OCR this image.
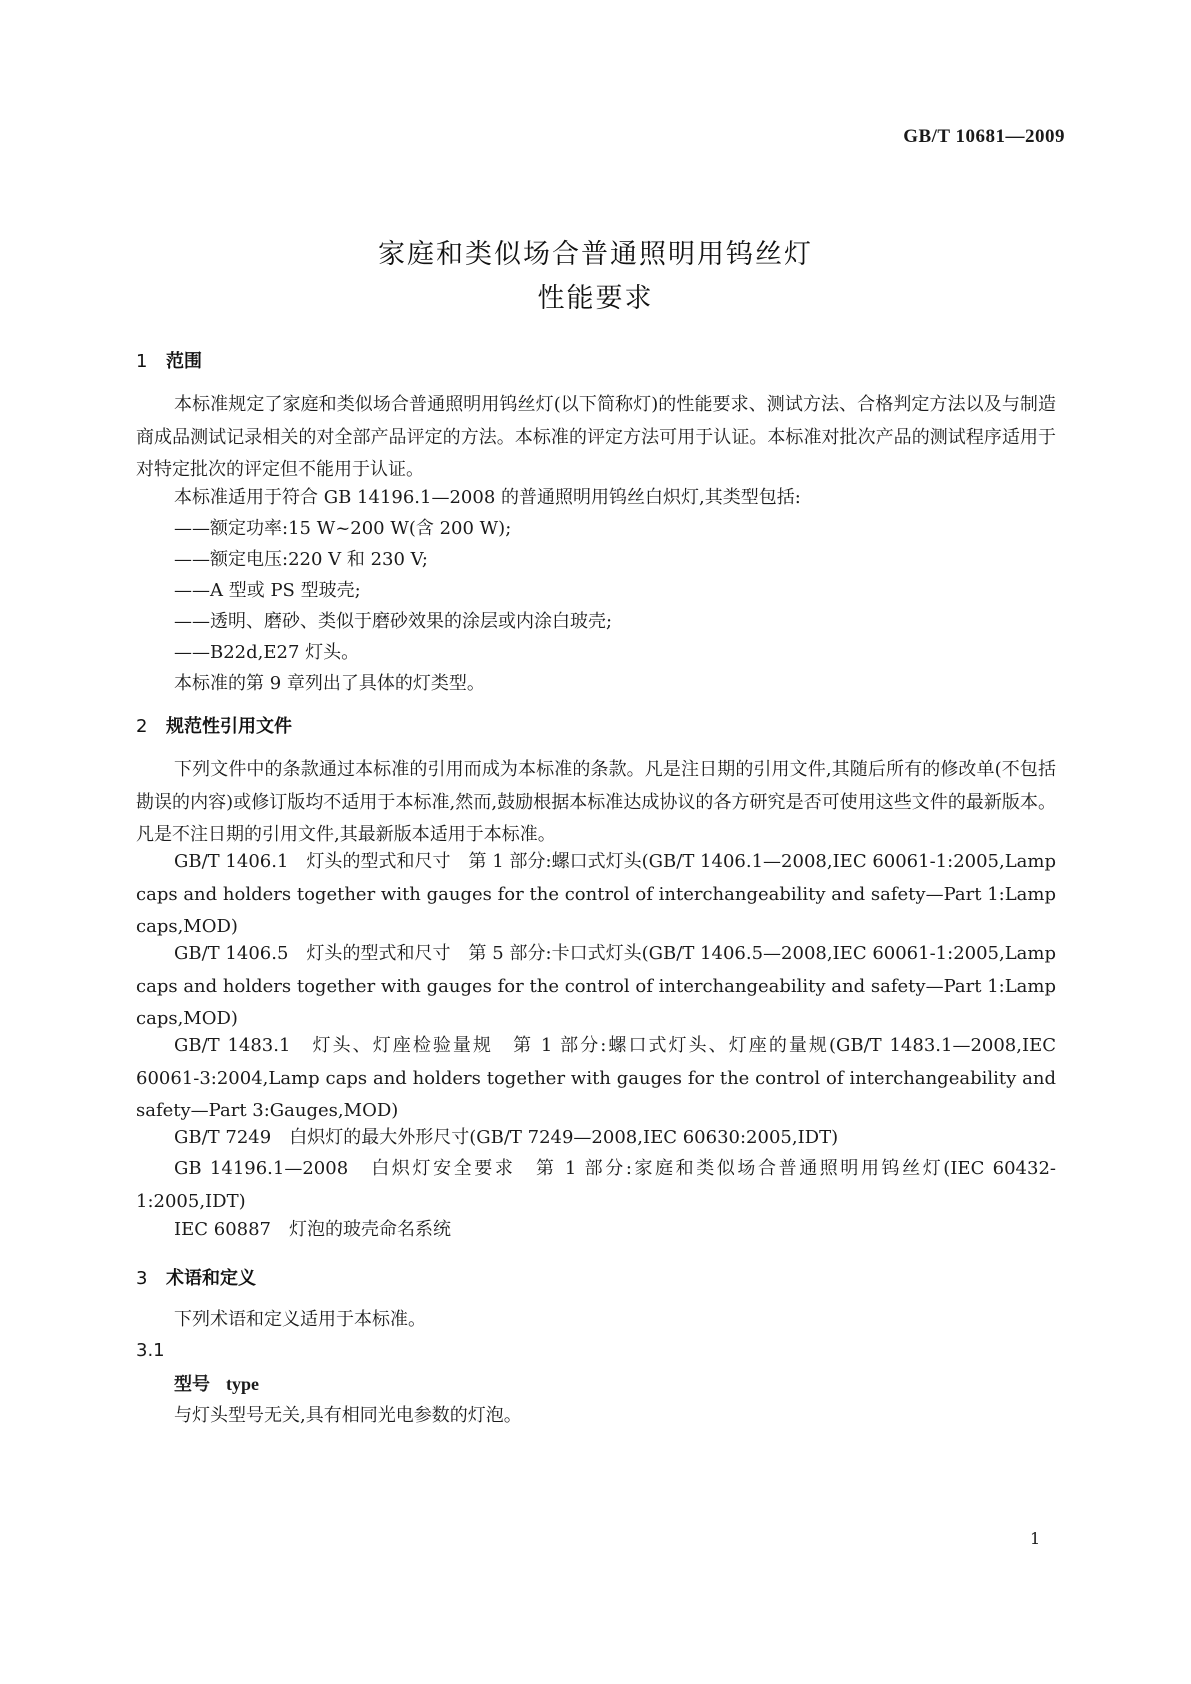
GB/T 10681—2009
家庭和类似场合普通照明用钨丝灯
性能要求
1 范围
本标准规定了家庭和类似场合普通照明用钨丝灯(以下简称灯)的性能要求、测试方法、合格判定方法以及与制造商成品测试记录相关的对全部产品评定的方法。本标准的评定方法可用于认证。本标准对批次产品的测试程序适用于对特定批次的评定但不能用于认证。
本标准适用于符合 GB 14196.1—2008 的普通照明用钨丝白炽灯,其类型包括:
——额定功率:15 W~200 W(含 200 W);
——额定电压:220 V 和 230 V;
——A 型或 PS 型玻壳;
——透明、磨砂、类似于磨砂效果的涂层或内涂白玻壳;
——B22d,E27 灯头。
本标准的第 9 章列出了具体的灯类型。
2 规范性引用文件
下列文件中的条款通过本标准的引用而成为本标准的条款。凡是注日期的引用文件,其随后所有的修改单(不包括勘误的内容)或修订版均不适用于本标准,然而,鼓励根据本标准达成协议的各方研究是否可使用这些文件的最新版本。凡是不注日期的引用文件,其最新版本适用于本标准。
GB/T 1406.1　灯头的型式和尺寸　第 1 部分:螺口式灯头(GB/T 1406.1—2008,IEC 60061-1:2005,Lamp caps and holders together with gauges for the control of interchangeability and safety—Part 1:Lamp caps,MOD)
GB/T 1406.5　灯头的型式和尺寸　第 5 部分:卡口式灯头(GB/T 1406.5—2008,IEC 60061-1:2005,Lamp caps and holders together with gauges for the control of interchangeability and safety—Part 1:Lamp caps,MOD)
GB/T 1483.1　灯头、灯座检验量规　第 1 部分:螺口式灯头、灯座的量规(GB/T 1483.1—2008,IEC 60061-3:2004,Lamp caps and holders together with gauges for the control of interchangeability and safety—Part 3:Gauges,MOD)
GB/T 7249　白炽灯的最大外形尺寸(GB/T 7249—2008,IEC 60630:2005,IDT)
GB 14196.1—2008　白炽灯安全要求　第 1 部分:家庭和类似场合普通照明用钨丝灯(IEC 60432-1:2005,IDT)
IEC 60887　灯泡的玻壳命名系统
3 术语和定义
下列术语和定义适用于本标准。
3.1
型号 type
与灯头型号无关,具有相同光电参数的灯泡。
1
